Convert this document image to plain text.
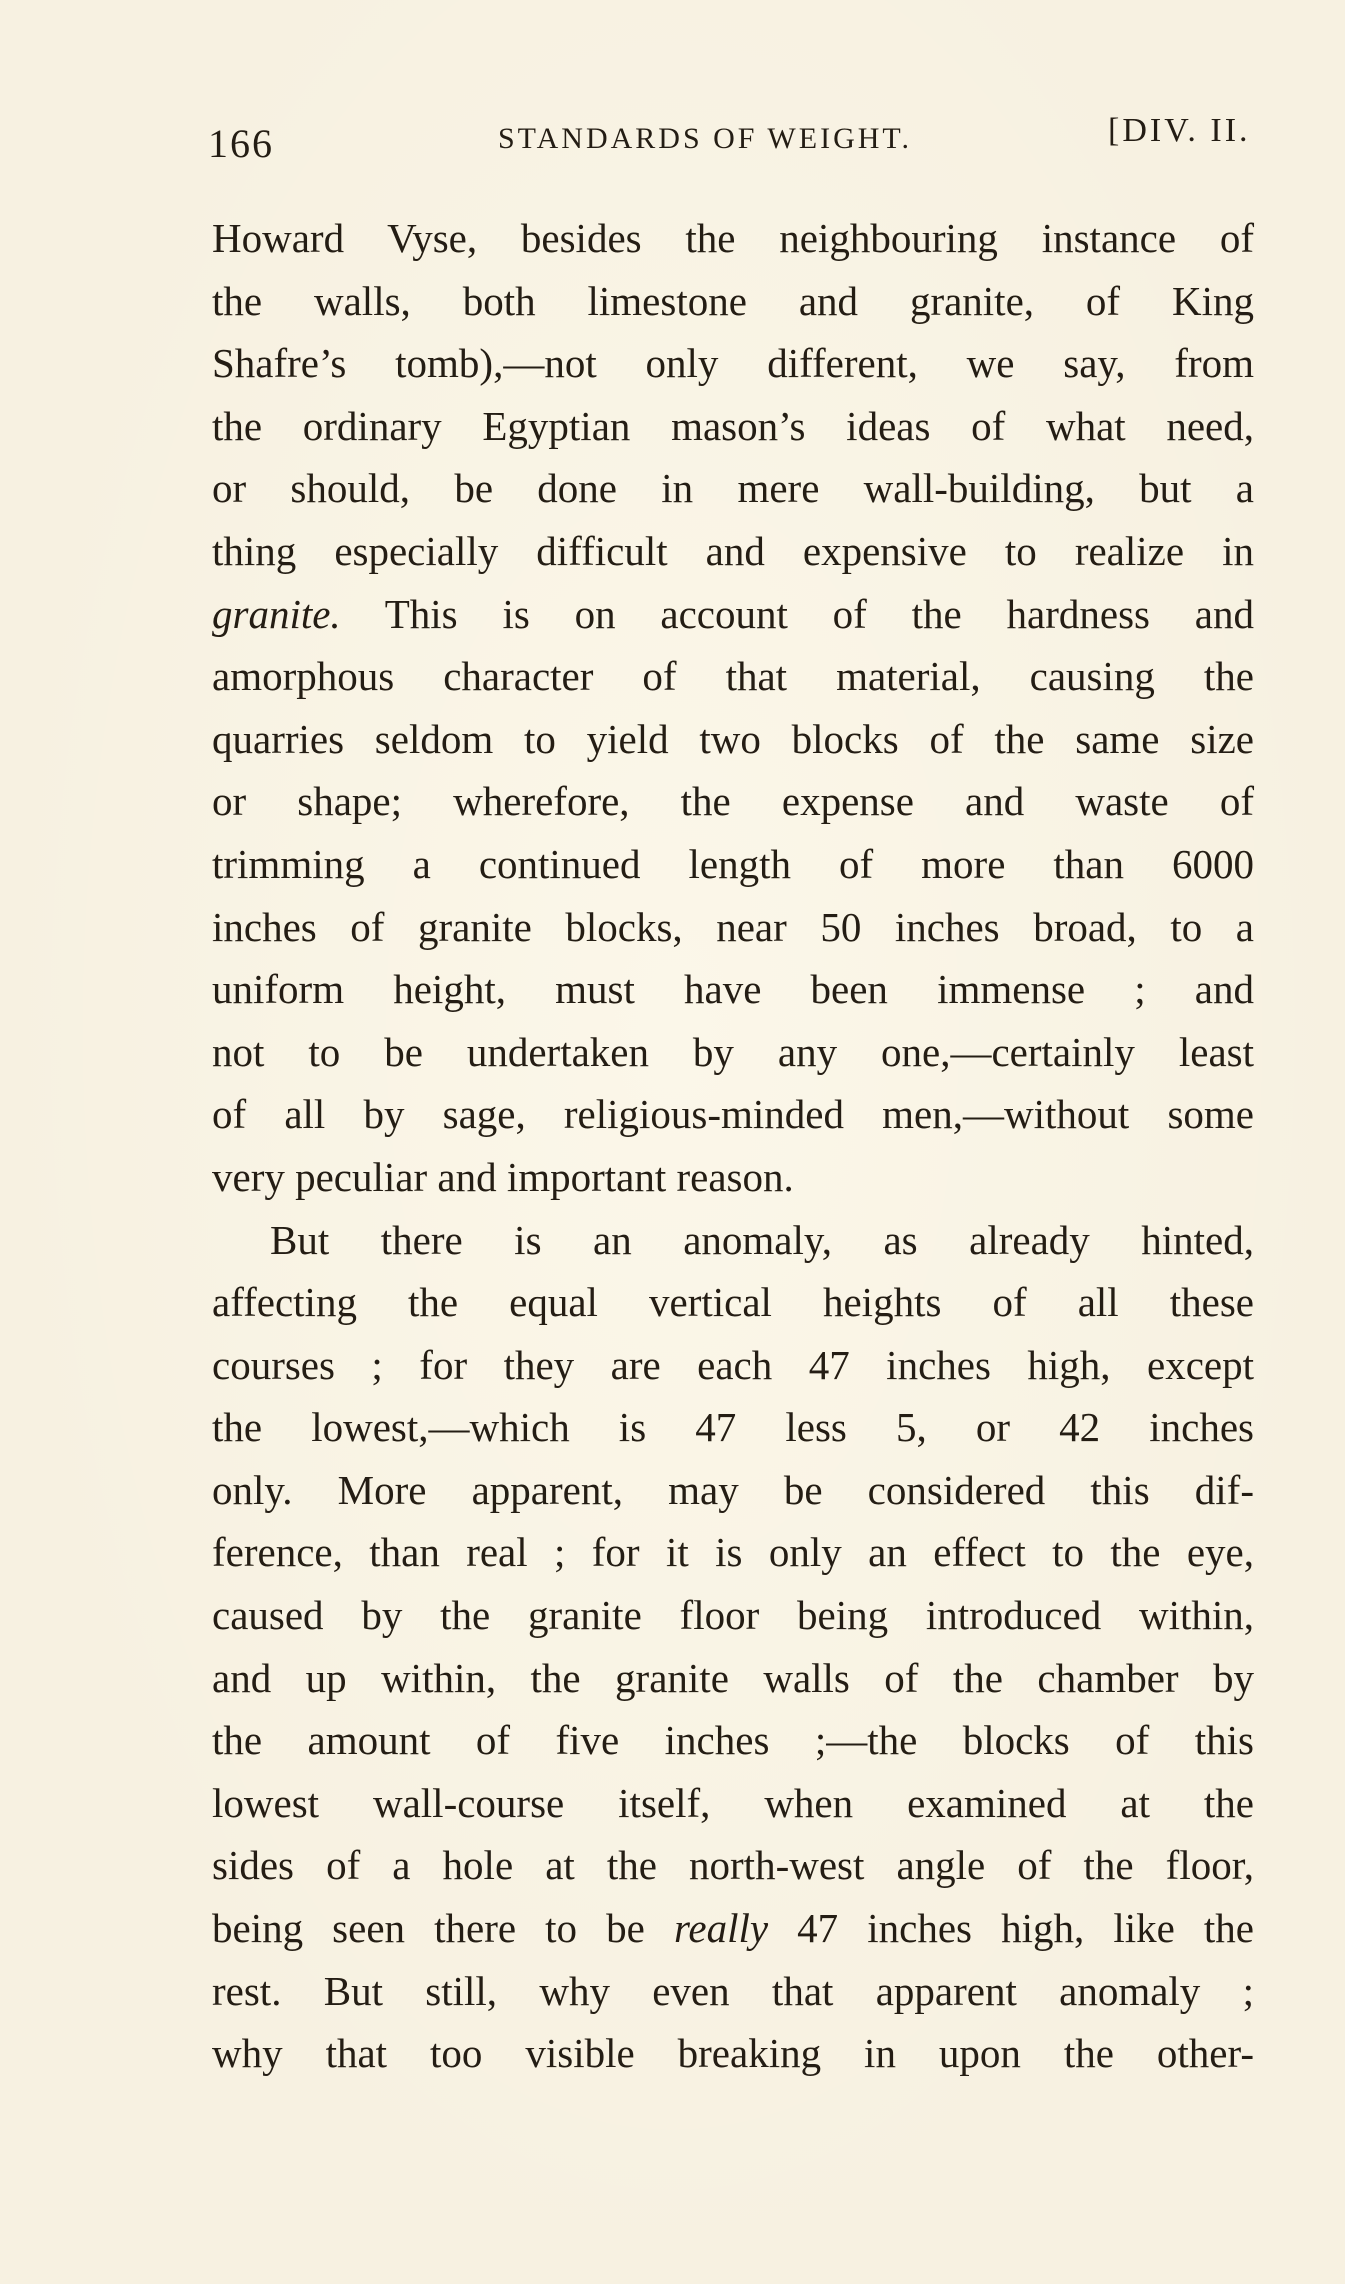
166	STANDARDS OF WEIGHT.	[DIV. II.
Howard Vyse, besides the neighbouring instance of
the walls, both limestone and granite, of King
Shafre’s tomb),—not only different, we say, from
the ordinary Egyptian mason’s ideas of what need,
or should, be done in mere wall-building, but a
thing especially difficult and expensive to realize in
granite. This is on account of the hardness and
amorphous character of that material, causing the
quarries seldom to yield two blocks of the same size
or shape; wherefore, the expense and waste of
trimming a continued length of more than 6000
inches of granite blocks, near 50 inches broad, to a
uniform height, must have been immense ; and
not to be undertaken by any one,—certainly least
of all by sage, religious-minded men,—without some
very peculiar and important reason.
But there is an anomaly, as already hinted,
affecting the equal vertical heights of all these
courses ; for they are each 47 inches high, except
the lowest,—which is 47 less 5, or 42 inches
only. More apparent, may be considered this dif-
ference, than real ; for it is only an effect to the eye,
caused by the granite floor being introduced within,
and up within, the granite walls of the chamber by
the amount of five inches ;—the blocks of this
lowest wall-course itself, when examined at the
sides of a hole at the north-west angle of the floor,
being seen there to be really 47 inches high, like the
rest. But still, why even that apparent anomaly ;
why that too visible breaking in upon the other-
